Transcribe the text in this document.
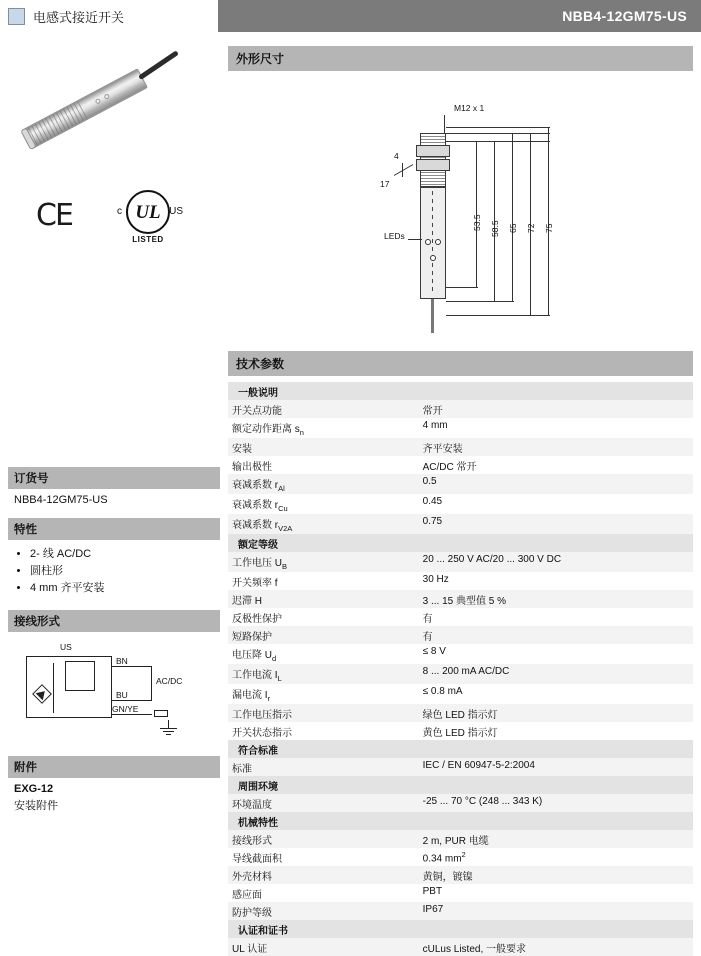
电感式接近开关	NBB4-12GM75-US
CE	c UL US
LISTED
订货号
NBB4-12GM75-US
特性
• 2- 线 AC/DC
• 圆柱形
• 4 mm 齐平安装
接线形式
US
BN
BU
GN/YE
AC/DC
附件
EXG-12
安装附件
外形尺寸
M12 x 1
LEDs
17
4
53.5 58.5 65 72 75
技术参数
一般说明	
开关点功能	常开
额定动作距离 $s_n$	4 mm
安装	齐平安装
输出极性	AC/DC 常开
衰减系数 $r_{Al}$	0.5
衰减系数 $r_{Cu}$	0.45
衰减系数 $r_{V2A}$	0.75
额定等级	
工作电压 $U_B$	20 ... 250 V AC/20 ... 300 V DC
开关频率 f	30 Hz
迟滞 H	3 ... 15 典型值 5 %
反极性保护	有
短路保护	有
电压降 $U_d$	≤ 8 V
工作电流 $I_L$	8 ... 200 mA AC/DC
漏电流 $I_r$	≤ 0.8 mA
工作电压指示	绿色 LED 指示灯
开关状态指示	黄色 LED 指示灯
符合标准	
标准	IEC / EN 60947-5-2:2004
周围环境	
环境温度	-25 ... 70 °C (248 ... 343 K)
机械特性	
接线形式	2 m, PUR 电缆
导线截面积	0.34 $mm^2$
外壳材料	黄铜，镀镍
感应面	PBT
防护等级	IP67
认证和证书	
UL 认证	cULus Listed, 一般要求
